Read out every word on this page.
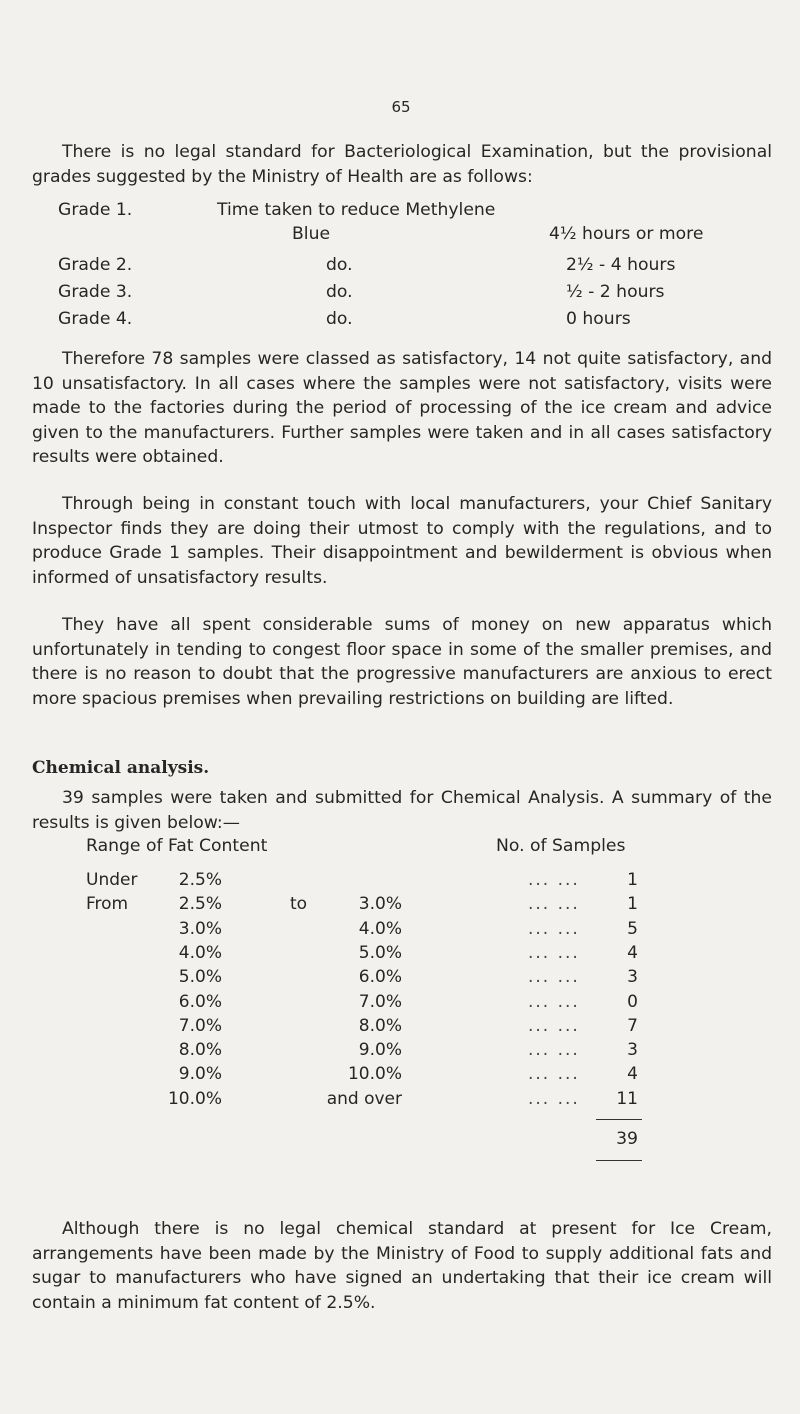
65

There is no legal standard for Bacteriological Examination, but the provisional grades suggested by the Ministry of Health are as follows:

Grade 1.	Time taken to reduce Methylene
Blue	4½ hours or more
Grade 2.	do.	2½ - 4 hours
Grade 3.	do.	½ - 2 hours
Grade 4.	do.	0 hours

Therefore 78 samples were classed as satisfactory, 14 not quite satisfactory, and 10 unsatisfactory. In all cases where the samples were not satisfactory, visits were made to the factories during the period of processing of the ice cream and advice given to the manufacturers. Further samples were taken and in all cases satisfactory results were obtained.

Through being in constant touch with local manufacturers, your Chief Sanitary Inspector finds they are doing their utmost to comply with the regulations, and to produce Grade 1 samples. Their disappointment and bewilderment is obvious when informed of unsatisfactory results.

They have all spent considerable sums of money on new apparatus which unfortunately in tending to congest floor space in some of the smaller premises, and there is no reason to doubt that the progressive manufacturers are anxious to erect more spacious premises when prevailing restrictions on building are lifted.

Chemical analysis.

39 samples were taken and submitted for Chemical Analysis. A summary of the results is given below:—

Range of Fat Content	No. of Samples
Under	2.5%	1
... ...
From	2.5%	to	3.0%	1
... ...
3.0%	4.0%	5
... ...
4.0%	5.0%	4
... ...
5.0%	6.0%	3
... ...
6.0%	7.0%	0
... ...
7.0%	8.0%	7
... ...
8.0%	9.0%	3
... ...
9.0%	10.0%	4
... ...
10.0%	and over	11
... ...
39

Although there is no legal chemical standard at present for Ice Cream, arrangements have been made by the Ministry of Food to supply additional fats and sugar to manufacturers who have signed an undertaking that their ice cream will contain a minimum fat content of 2.5%.
